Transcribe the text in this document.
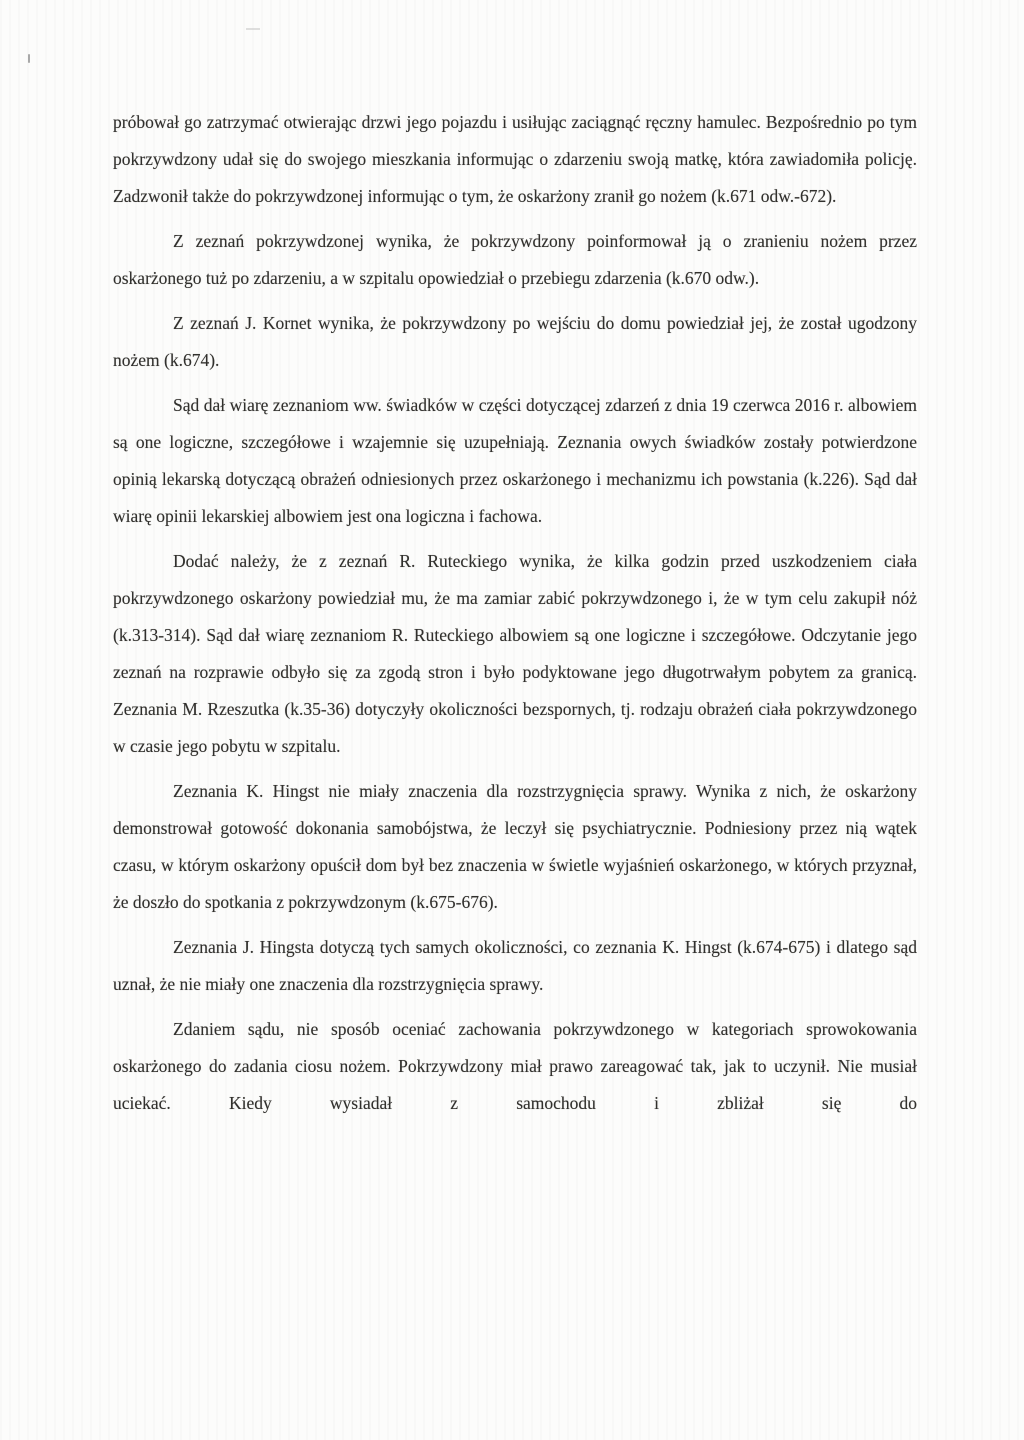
próbował go zatrzymać otwierając drzwi jego pojazdu i usiłując zaciągnąć ręczny hamulec. Bezpośrednio po tym pokrzywdzony udał się do swojego mieszkania informując o zdarzeniu swoją matkę, która zawiadomiła policję. Zadzwonił także do pokrzywdzonej informując o tym, że oskarżony zranił go nożem (k.671 odw.-672).

Z zeznań pokrzywdzonej wynika, że pokrzywdzony poinformował ją o zranieniu nożem przez oskarżonego tuż po zdarzeniu, a w szpitalu opowiedział o przebiegu zdarzenia (k.670 odw.).

Z zeznań J. Kornet wynika, że pokrzywdzony po wejściu do domu powiedział jej, że został ugodzony nożem (k.674).

Sąd dał wiarę zeznaniom ww. świadków w części dotyczącej zdarzeń z dnia 19 czerwca 2016 r. albowiem są one logiczne, szczegółowe i wzajemnie się uzupełniają. Zeznania owych świadków zostały potwierdzone opinią lekarską dotyczącą obrażeń odniesionych przez oskarżonego i mechanizmu ich powstania (k.226). Sąd dał wiarę opinii lekarskiej albowiem jest ona logiczna i fachowa.

Dodać należy, że z zeznań R. Ruteckiego wynika, że kilka godzin przed uszkodzeniem ciała pokrzywdzonego oskarżony powiedział mu, że ma zamiar zabić pokrzywdzonego i, że w tym celu zakupił nóż (k.313-314). Sąd dał wiarę zeznaniom R. Ruteckiego albowiem są one logiczne i szczegółowe. Odczytanie jego zeznań na rozprawie odbyło się za zgodą stron i było podyktowane jego długotrwałym pobytem za granicą. Zeznania M. Rzeszutka (k.35-36) dotyczyły okoliczności bezspornych, tj. rodzaju obrażeń ciała pokrzywdzonego w czasie jego pobytu w szpitalu.

Zeznania K. Hingst nie miały znaczenia dla rozstrzygnięcia sprawy. Wynika z nich, że oskarżony demonstrował gotowość dokonania samobójstwa, że leczył się psychiatrycznie. Podniesiony przez nią wątek czasu, w którym oskarżony opuścił dom był bez znaczenia w świetle wyjaśnień oskarżonego, w których przyznał, że doszło do spotkania z pokrzywdzonym (k.675-676).

Zeznania J. Hingsta dotyczą tych samych okoliczności, co zeznania K. Hingst (k.674-675) i dlatego sąd uznał, że nie miały one znaczenia dla rozstrzygnięcia sprawy.

Zdaniem sądu, nie sposób oceniać zachowania pokrzywdzonego w kategoriach sprowokowania oskarżonego do zadania ciosu nożem. Pokrzywdzony miał prawo zareagować tak, jak to uczynił. Nie musiał uciekać. Kiedy wysiadał z samochodu i zbliżał się do
